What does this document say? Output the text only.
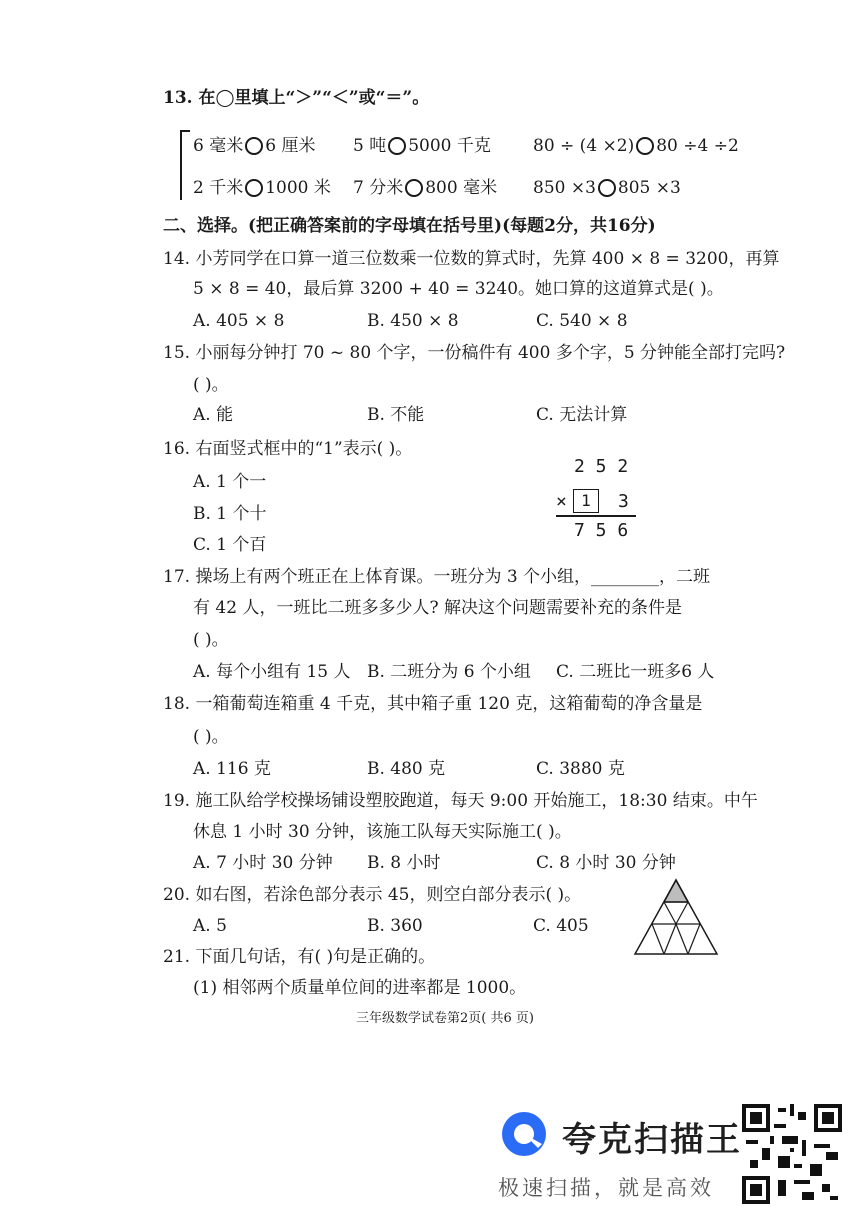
13. 在◯里填上“＞”“＜”或“＝”。
6 毫米 6 厘米 5 吨 5000 千克 80 ÷ (4 ×2) 80 ÷4 ÷2
2 千米 1000 米 7 分米 800 毫米 850 ×3 805 ×3
二、选择。(把正确答案前的字母填在括号里)(每题2分，共16分)
14. 小芳同学在口算一道三位数乘一位数的算式时，先算 400 × 8 = 3200，再算
5 × 8 = 40，最后算 3200 + 40 = 3240。她口算的这道算式是( )。
A. 405 × 8	B. 450 × 8	C. 540 × 8
15. 小丽每分钟打 70 ~ 80 个字，一份稿件有 400 多个字，5 分钟能全部打完吗?
( )。
A. 能	B. 不能	C. 无法计算
16. 右面竖式框中的“1”表示( )。
A. 1 个一
B. 1 个十
C. 1 个百
2 5 2
× 1	3
7 5 6
17. 操场上有两个班正在上体育课。一班分为 3 个小组，________，二班
有 42 人，一班比二班多多少人? 解决这个问题需要补充的条件是
( )。
A. 每个小组有 15 人 B. 二班分为 6 个小组 C. 二班比一班多6 人
18. 一箱葡萄连箱重 4 千克，其中箱子重 120 克，这箱葡萄的净含量是
( )。
A. 116 克	B. 480 克	C. 3880 克
19. 施工队给学校操场铺设塑胶跑道，每天 9:00 开始施工，18:30 结束。中午
休息 1 小时 30 分钟，该施工队每天实际施工( )。
A. 7 小时 30 分钟 B. 8 小时	C. 8 小时 30 分钟
20. 如右图，若涂色部分表示 45，则空白部分表示( )。
A. 5	B. 360	C. 405
21. 下面几句话，有( )句是正确的。
(1) 相邻两个质量单位间的进率都是 1000。
三年级数学试卷第2页( 共6 页)
夸克扫描王
极速扫描，就是高效
